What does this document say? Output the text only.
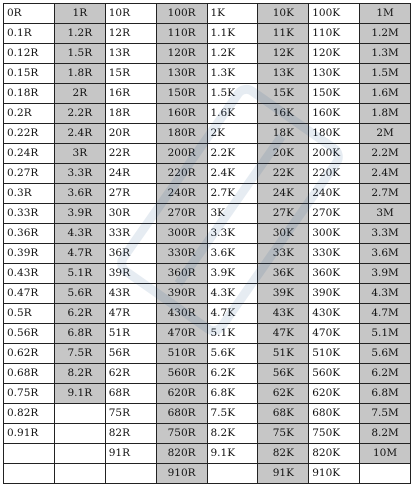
0R	1R	10R	100R	1K	10K	100K	1M
0.1R	1.2R	12R	110R	1.1K	11K	110K	1.2M
0.12R	1.5R	13R	120R	1.2K	12K	120K	1.3M
0.15R	1.8R	15R	130R	1.3K	13K	130K	1.5M
0.18R	2R	16R	150R	1.5K	15K	150K	1.6M
0.2R	2.2R	18R	160R	1.6K	16K	160K	1.8M
0.22R	2.4R	20R	180R	2K	18K	180K	2M
0.24R	3R	22R	200R	2.2K	20K	200K	2.2M
0.27R	3.3R	24R	220R	2.4K	22K	220K	2.4M
0.3R	3.6R	27R	240R	2.7K	24K	240K	2.7M
0.33R	3.9R	30R	270R	3K	27K	270K	3M
0.36R	4.3R	33R	300R	3.3K	30K	300K	3.3M
0.39R	4.7R	36R	330R	3.6K	33K	330K	3.6M
0.43R	5.1R	39R	360R	3.9K	36K	360K	3.9M
0.47R	5.6R	43R	390R	4.3K	39K	390K	4.3M
0.5R	6.2R	47R	430R	4.7K	43K	430K	4.7M
0.56R	6.8R	51R	470R	5.1K	47K	470K	5.1M
0.62R	7.5R	56R	510R	5.6K	51K	510K	5.6M
0.68R	8.2R	62R	560R	6.2K	56K	560K	6.2M
0.75R	9.1R	68R	620R	6.8K	62K	620K	6.8M
0.82R		75R	680R	7.5K	68K	680K	7.5M
0.91R		82R	750R	8.2K	75K	750K	8.2M
		91R	820R	9.1K	82K	820K	10M
			910R		91K	910K	
